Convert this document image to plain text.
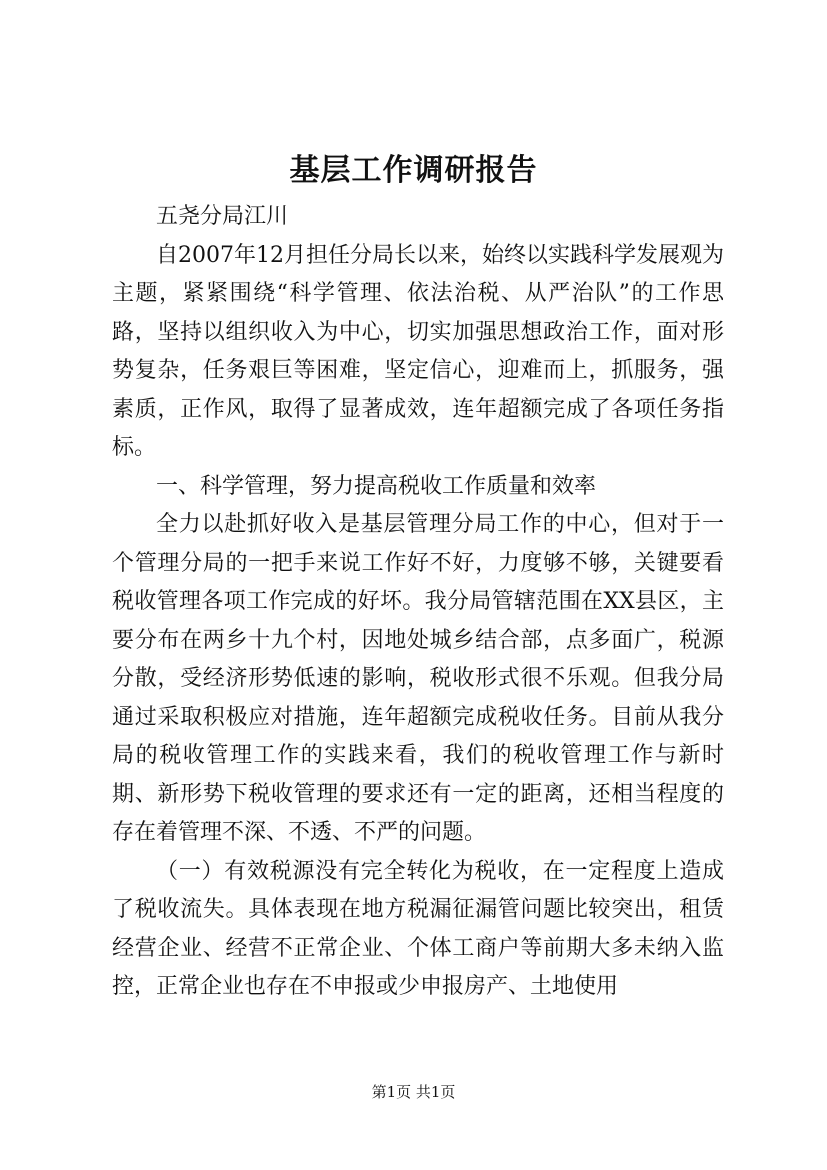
基层工作调研报告

五尧分局江川

自2007年12月担任分局长以来，始终以实践科学发展观为主题，紧紧围绕“科学管理、依法治税、从严治队”的工作思路，坚持以组织收入为中心，切实加强思想政治工作，面对形势复杂，任务艰巨等困难，坚定信心，迎难而上，抓服务，强素质，正作风，取得了显著成效，连年超额完成了各项任务指标。

一、科学管理，努力提高税收工作质量和效率

全力以赴抓好收入是基层管理分局工作的中心，但对于一个管理分局的一把手来说工作好不好，力度够不够，关键要看税收管理各项工作完成的好坏。我分局管辖范围在XX县区，主要分布在两乡十九个村，因地处城乡结合部，点多面广，税源分散，受经济形势低速的影响，税收形式很不乐观。但我分局通过采取积极应对措施，连年超额完成税收任务。目前从我分局的税收管理工作的实践来看，我们的税收管理工作与新时期、新形势下税收管理的要求还有一定的距离，还相当程度的存在着管理不深、不透、不严的问题。

（一）有效税源没有完全转化为税收，在一定程度上造成了税收流失。具体表现在地方税漏征漏管问题比较突出，租赁经营企业、经营不正常企业、个体工商户等前期大多未纳入监控，正常企业也存在不申报或少申报房产、土地使用

第1页 共1页
